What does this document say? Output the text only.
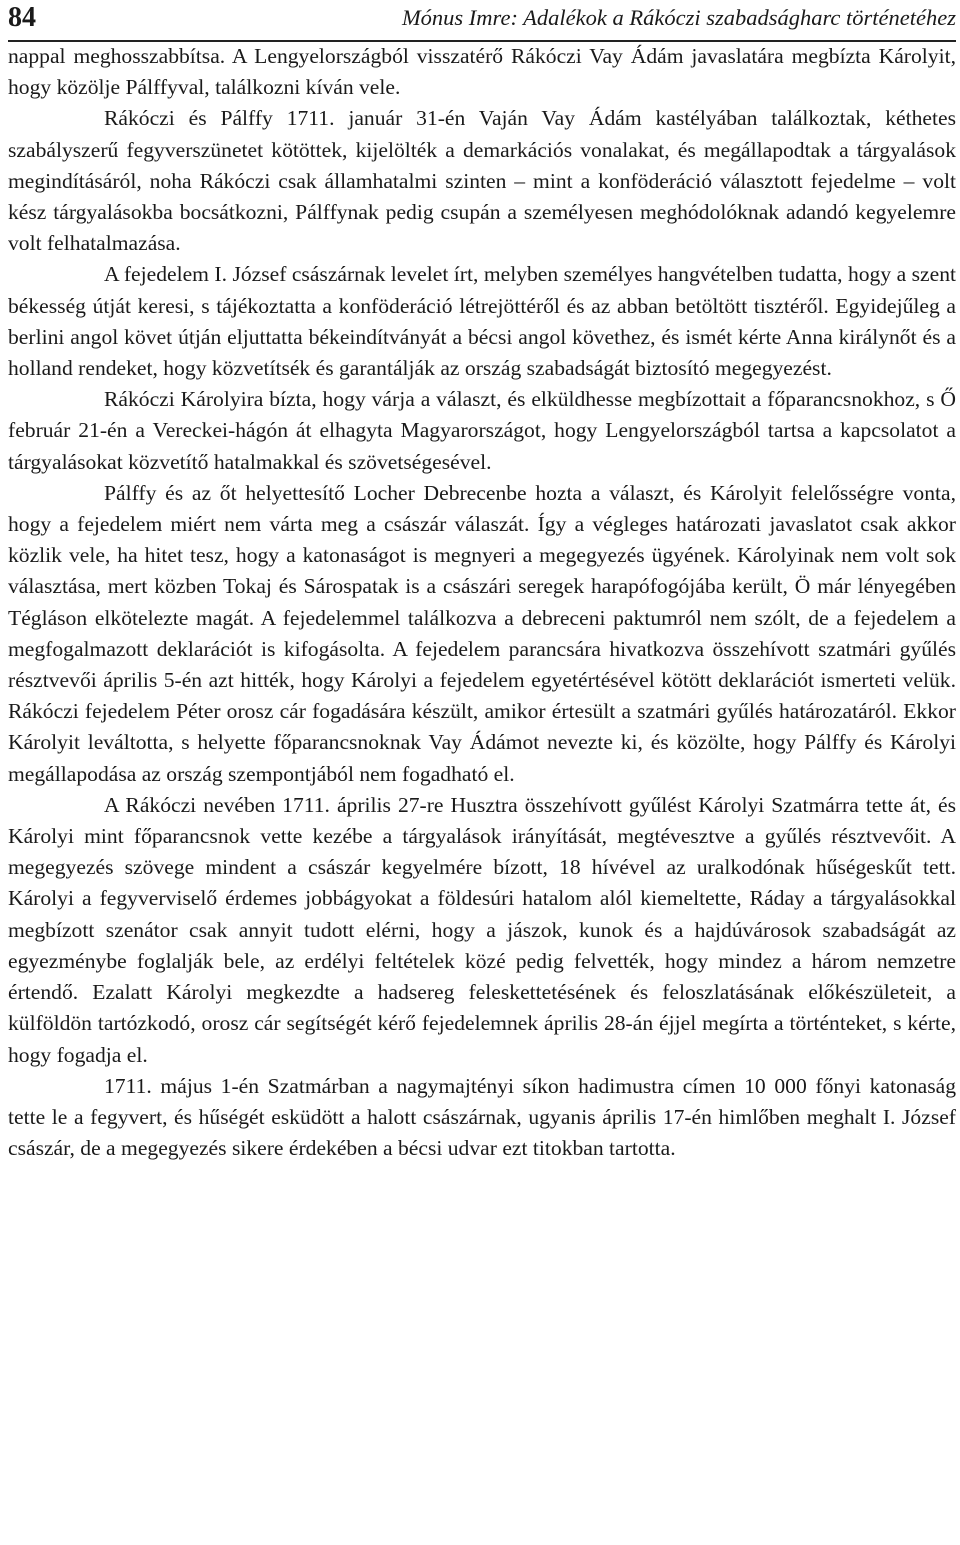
84	Mónus Imre: Adalékok a Rákóczi szabadságharc történetéhez

nappal meghosszabbítsa. A Lengyelországból visszatérő Rákóczi Vay Ádám javaslatára megbízta Károlyit, hogy közölje Pálffyval, találkozni kíván vele.

Rákóczi és Pálffy 1711. január 31-én Vaján Vay Ádám kastélyában találkoztak, kéthetes szabályszerű fegyverszünetet kötöttek, kijelölték a demarkációs vonalakat, és megállapodtak a tárgyalások megindításáról, noha Rákóczi csak államhatalmi szinten – mint a konföderáció választott fejedelme – volt kész tárgyalásokba bocsátkozni, Pálffynak pedig csupán a személyesen meghódolóknak adandó kegyelemre volt felhatalmazása.

A fejedelem I. József császárnak levelet írt, melyben személyes hangvételben tudatta, hogy a szent békesség útját keresi, s tájékoztatta a konföderáció létrejöttéről és az abban betöltött tisztéről. Egyidejűleg a berlini angol követ útján eljuttatta békeindítványát a bécsi angol követhez, és ismét kérte Anna királynőt és a holland rendeket, hogy közvetítsék és garantálják az ország szabadságát biztosító megegyezést.

Rákóczi Károlyira bízta, hogy várja a választ, és elküldhesse megbízottait a főparancsnokhoz, s Ő február 21-én a Vereckei-hágón át elhagyta Magyarországot, hogy Lengyelországból tartsa a kapcsolatot a tárgyalásokat közvetítő hatalmakkal és szövetségesével.

Pálffy és az őt helyettesítő Locher Debrecenbe hozta a választ, és Károlyit felelősségre vonta, hogy a fejedelem miért nem várta meg a császár válaszát. Így a végleges határozati javaslatot csak akkor közlik vele, ha hitet tesz, hogy a katonaságot is megnyeri a megegyezés ügyének. Károlyinak nem volt sok választása, mert közben Tokaj és Sárospatak is a császári seregek harapófogójába került, Ö már lényegében Tégláson elkötelezte magát. A fejedelemmel találkozva a debreceni paktumról nem szólt, de a fejedelem a megfogalmazott deklarációt is kifogásolta. A fejedelem parancsára hivatkozva összehívott szatmári gyűlés résztvevői április 5-én azt hitték, hogy Károlyi a fejedelem egyetértésével kötött deklarációt ismerteti velük. Rákóczi fejedelem Péter orosz cár fogadására készült, amikor értesült a szatmári gyűlés határozatáról. Ekkor Károlyit leváltotta, s helyette főparancsnoknak Vay Ádámot nevezte ki, és közölte, hogy Pálffy és Károlyi megállapodása az ország szempontjából nem fogadható el.

A Rákóczi nevében 1711. április 27-re Husztra összehívott gyűlést Károlyi Szatmárra tette át, és Károlyi mint főparancsnok vette kezébe a tárgyalások irányítását, megtévesztve a gyűlés résztvevőit. A megegyezés szövege mindent a császár kegyelmére bízott, 18 hívével az uralkodónak hűségeskűt tett. Károlyi a fegyverviselő érdemes jobbágyokat a földesúri hatalom alól kiemeltette, Ráday a tárgyalásokkal megbízott szenátor csak annyit tudott elérni, hogy a jászok, kunok és a hajdúvárosok szabadságát az egyezménybe foglalják bele, az erdélyi feltételek közé pedig felvették, hogy mindez a három nemzetre értendő. Ezalatt Károlyi megkezdte a hadsereg feleskettetésének és feloszlatásának előkészületeit, a külföldön tartózkodó, orosz cár segítségét kérő fejedelemnek április 28-án éjjel megírta a történteket, s kérte, hogy fogadja el.

1711. május 1-én Szatmárban a nagymajtényi síkon hadimustra címen 10 000 főnyi katonaság tette le a fegyvert, és hűségét esküdött a halott császárnak, ugyanis április 17-én himlőben meghalt I. József császár, de a megegyezés sikere érdekében a bécsi udvar ezt titokban tartotta.
